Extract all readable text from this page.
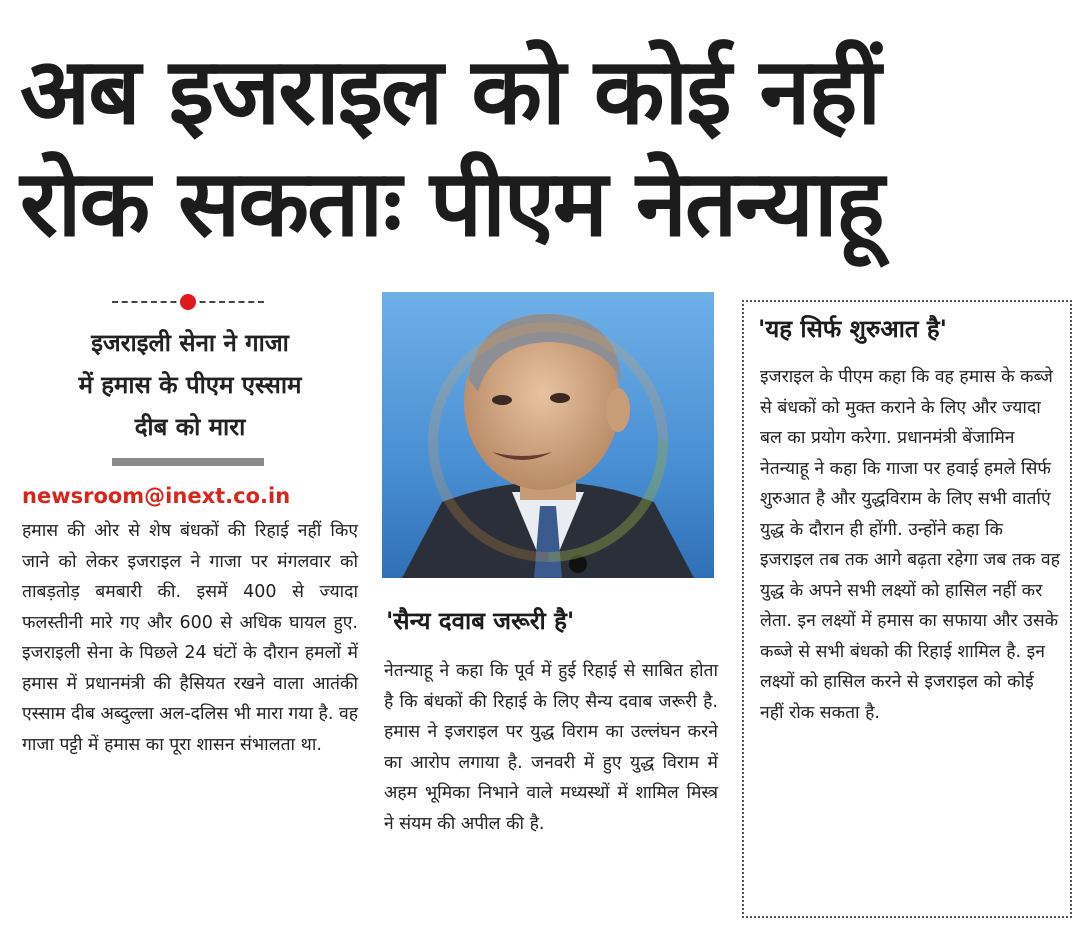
अब इजराइल को कोई नहीं
रोक सकताः पीएम नेतन्याहू
इजराइली सेना ने गाजा
में हमास के पीएम एस्साम
दीब को मारा
newsroom@inext.co.in
हमास की ओर से शेष बंधकों की रिहाई नहीं किए जाने को लेकर इजराइल ने गाजा पर मंगलवार को ताबड़तोड़ बमबारी की. इसमें 400 से ज्यादा फलस्तीनी मारे गए और 600 से अधिक घायल हुए. इजराइली सेना के पिछले 24 घंटों के दौरान हमलों में हमास में प्रधानमंत्री की हैसियत रखने वाला आतंकी एस्साम दीब अब्दुल्ला अल-दलिस भी मारा गया है. वह गाजा पट्टी में हमास का पूरा शासन संभालता था.
'सैन्य दवाब जरूरी है'
नेतन्याहू ने कहा कि पूर्व में हुई रिहाई से साबित होता है कि बंधकों की रिहाई के लिए सैन्य दवाब जरूरी है. हमास ने इजराइल पर युद्ध विराम का उल्लंघन करने का आरोप लगाया है. जनवरी में हुए युद्ध विराम में अहम भूमिका निभाने वाले मध्यस्थों में शामिल मिस्त्र ने संयम की अपील की है.
'यह सिर्फ शुरुआत है'
इजराइल के पीएम कहा कि वह हमास के कब्जे से बंधकों को मुक्त कराने के लिए और ज्यादा बल का प्रयोग करेगा. प्रधानमंत्री बेंजामिन नेतन्याहू ने कहा कि गाजा पर हवाई हमले सिर्फ शुरुआत है और युद्धविराम के लिए सभी वार्ताएं युद्ध के दौरान ही होंगी. उन्होंने कहा कि इजराइल तब तक आगे बढ़ता रहेगा जब तक वह युद्ध के अपने सभी लक्ष्यों को हासिल नहीं कर लेता. इन लक्ष्यों में हमास का सफाया और उसके कब्जे से सभी बंधको की रिहाई शामिल है. इन लक्ष्यों को हासिल करने से इजराइल को कोई नहीं रोक सकता है.
